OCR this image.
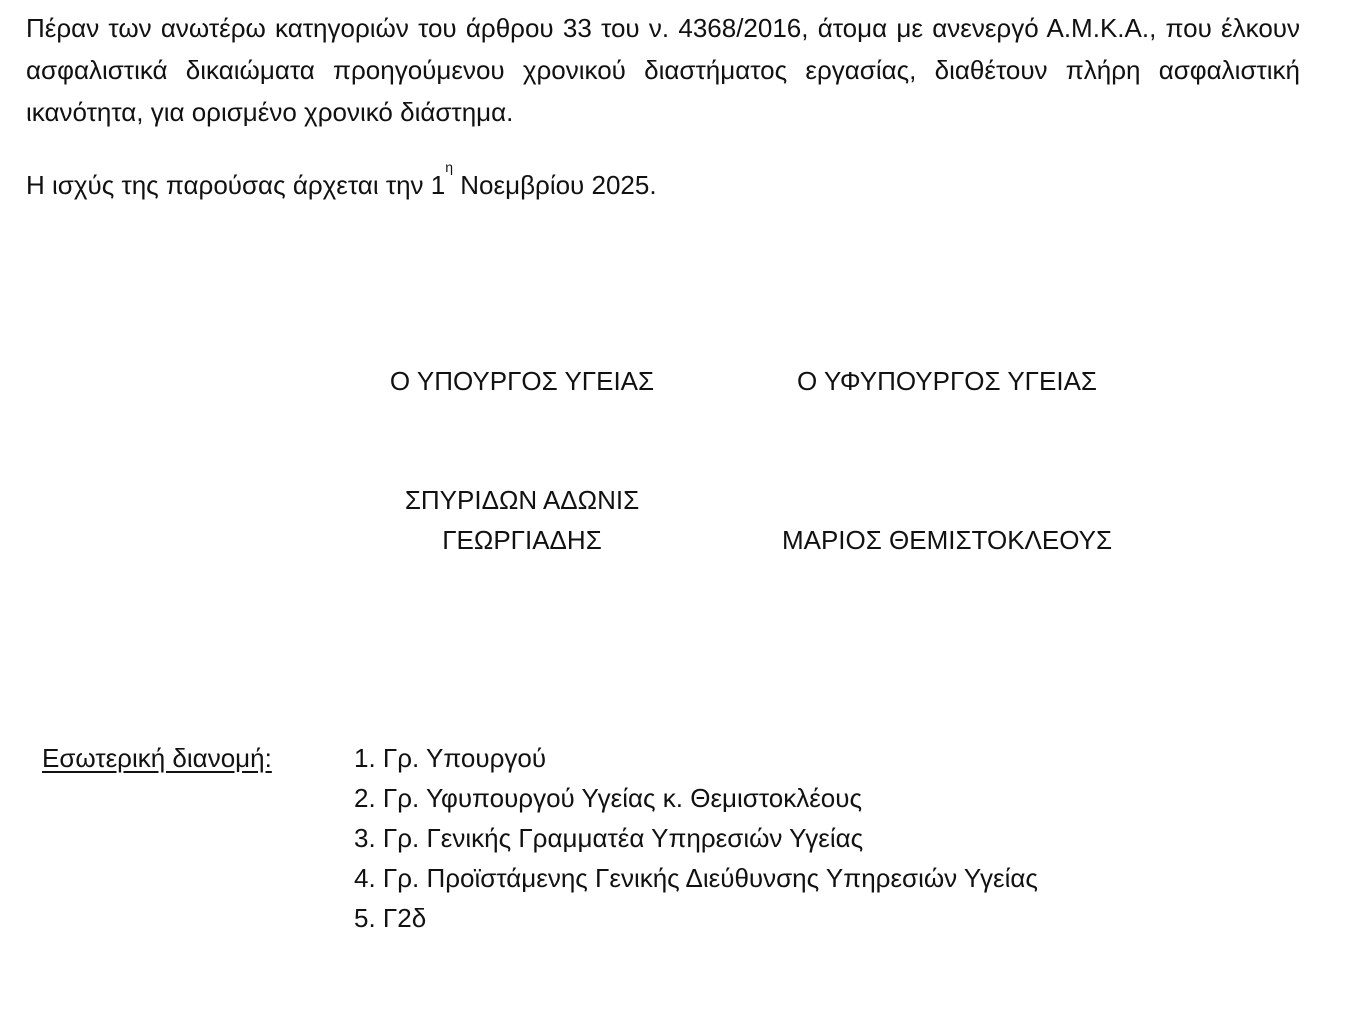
Πέραν των ανωτέρω κατηγοριών του άρθρου 33 του ν. 4368/2016, άτομα με ανενεργό Α.Μ.Κ.Α., που έλκουν ασφαλιστικά δικαιώματα προηγούμενου χρονικού διαστήματος εργασίας, διαθέτουν πλήρη ασφαλιστική ικανότητα, για ορισμένο χρονικό διάστημα.

Η ισχύς της παρούσας άρχεται την $1^\eta$ Νοεμβρίου 2025.

Ο ΥΠΟΥΡΓΟΣ ΥΓΕΙΑΣ	Ο ΥΦΥΠΟΥΡΓΟΣ ΥΓΕΙΑΣ
ΣΠΥΡΙΔΩΝ ΑΔΩΝΙΣ
ΓΕΩΡΓΙΑΔΗΣ	ΜΑΡΙΟΣ ΘΕΜΙΣΤΟΚΛΕΟΥΣ
Εσωτερική διανομή:	1. Γρ. Υπουργού
2. Γρ. Υφυπουργού Υγείας κ. Θεμιστοκλέους
3. Γρ. Γενικής Γραμματέα Υπηρεσιών Υγείας
4. Γρ. Προϊστάμενης Γενικής Διεύθυνσης Υπηρεσιών Υγείας
5. Γ2δ
